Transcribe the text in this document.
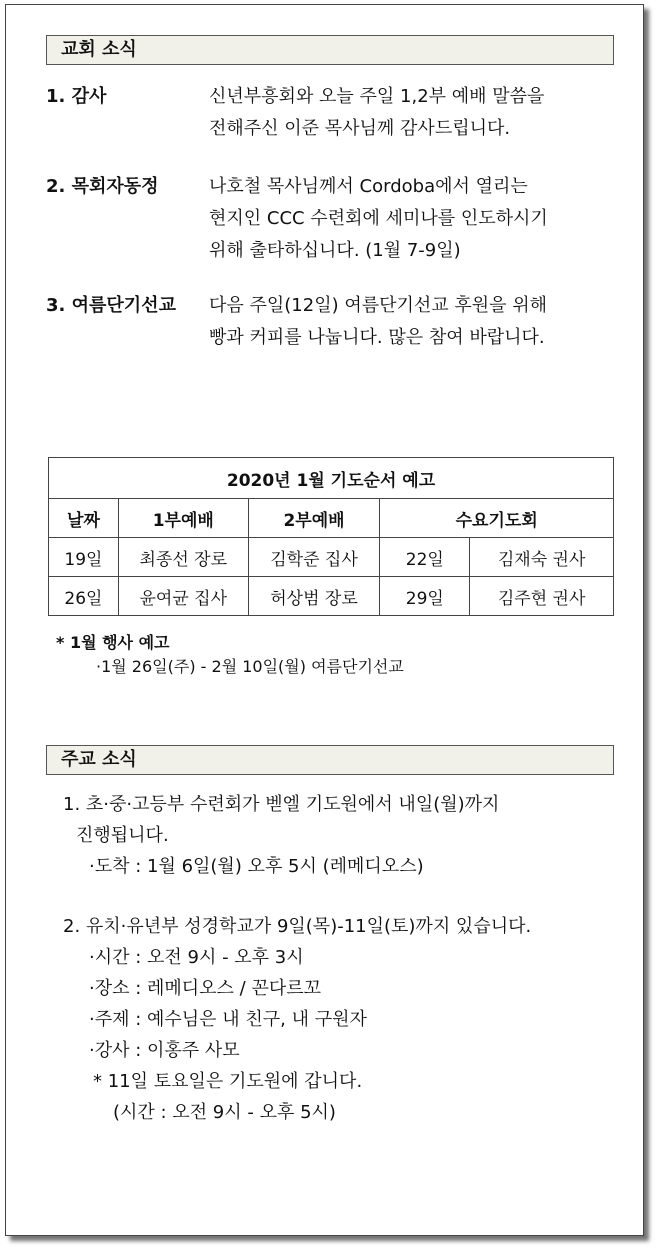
교회 소식
1. 감사	신년부흥회와 오늘 주일 1,2부 예배 말씀을
전해주신 이준 목사님께 감사드립니다.
2. 목회자동정	나호철 목사님께서 Cordoba에서 열리는
현지인 CCC 수련회에 세미나를 인도하시기
위해 출타하십니다. (1월 7-9일)
3. 여름단기선교	다음 주일(12일) 여름단기선교 후원을 위해
빵과 커피를 나눕니다. 많은 참여 바랍니다.
2020년 1월 기도순서 예고				
날짜	1부예배	2부예배	수요기도회	
19일	최종선 장로	김학준 집사	22일	김재숙 권사
26일	윤여균 집사	허상범 장로	29일	김주현 권사
* 1월 행사 예고
·1월 26일(주) - 2월 10일(월) 여름단기선교
주교 소식
1. 초·중·고등부 수련회가 벧엘 기도원에서 내일(월)까지
진행됩니다.
·도착 : 1월 6일(월) 오후 5시 (레메디오스)
2. 유치·유년부 성경학교가 9일(목)-11일(토)까지 있습니다.
·시간 : 오전 9시 - 오후 3시
·장소 : 레메디오스 / 꼰다르꼬
·주제 : 예수님은 내 친구, 내 구원자
·강사 : 이홍주 사모
* 11일 토요일은 기도원에 갑니다.
(시간 : 오전 9시 - 오후 5시)
